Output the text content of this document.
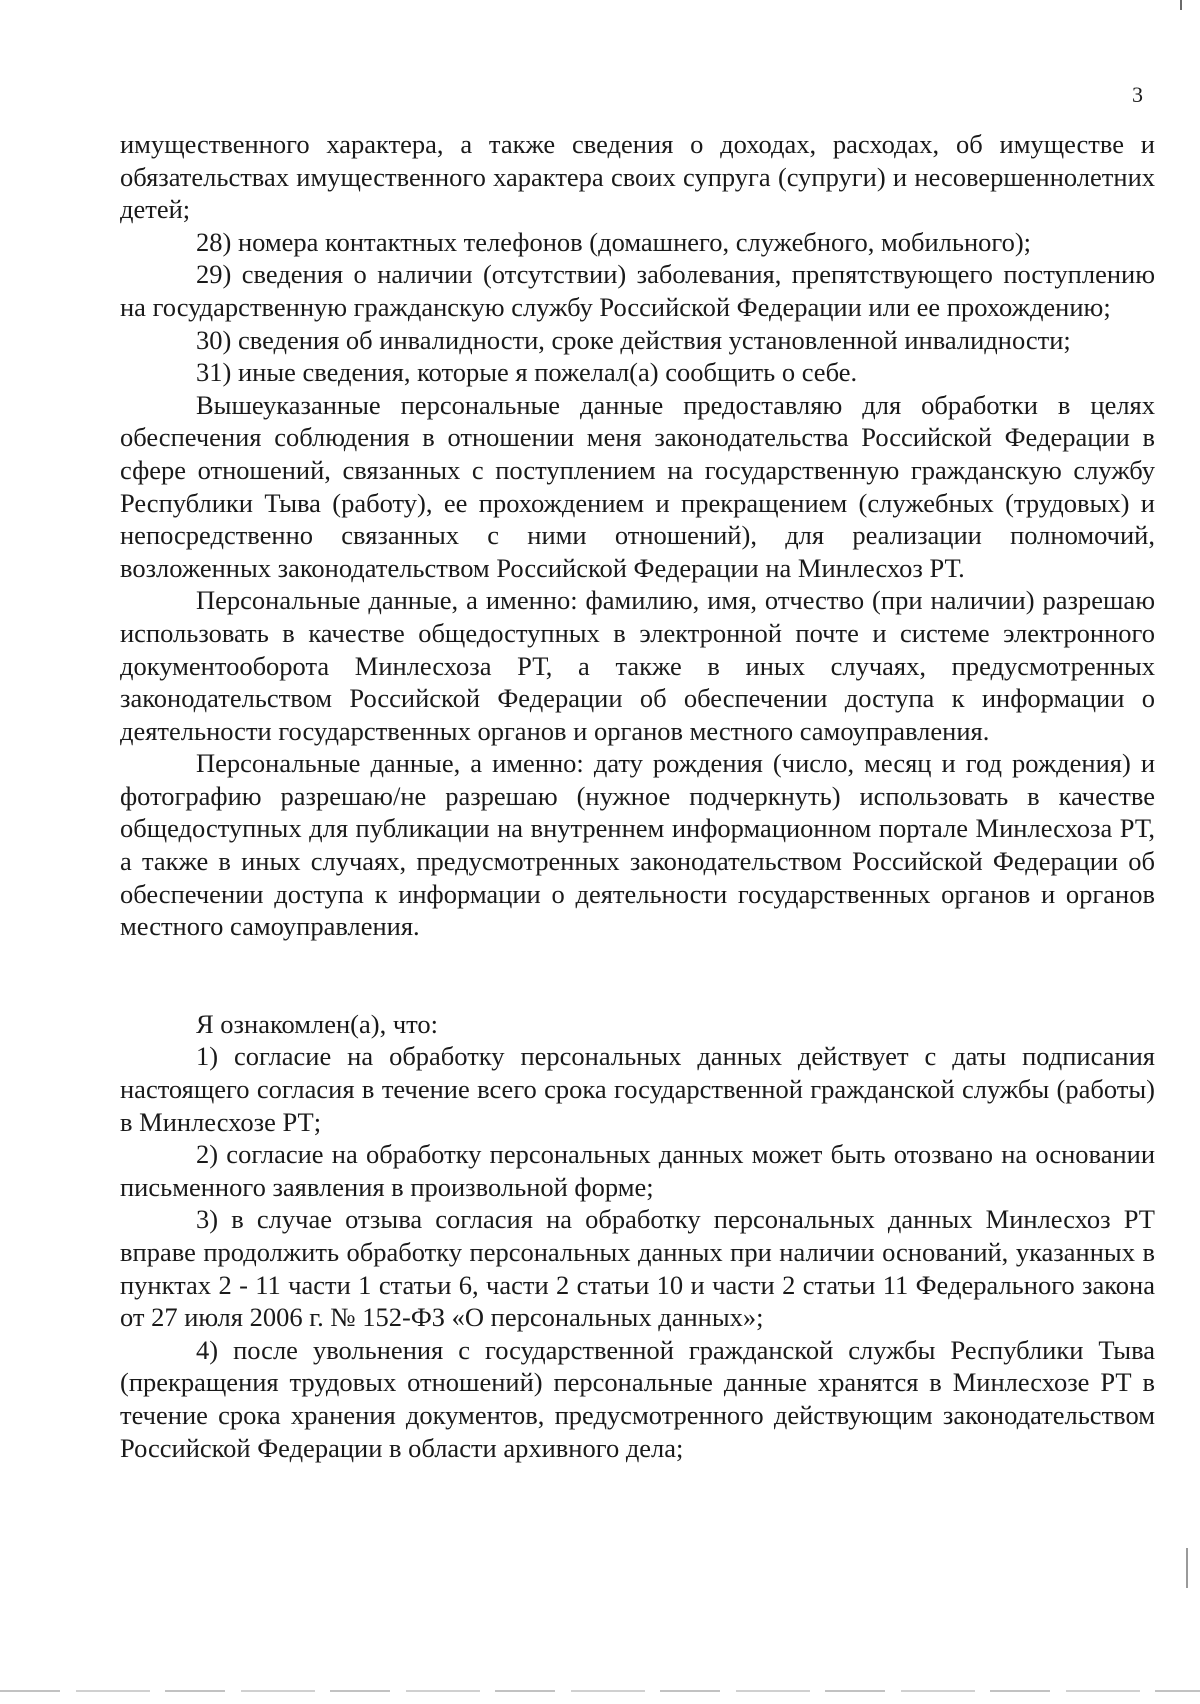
3

имущественного характера, а также сведения о доходах, расходах, об имуществе и обязательствах имущественного характера своих супруга (супруги) и несовершеннолетних детей;

28) номера контактных телефонов (домашнего, служебного, мобильного);

29) сведения о наличии (отсутствии) заболевания, препятствующего поступлению на государственную гражданскую службу Российской Федерации или ее прохождению;

30) сведения об инвалидности, сроке действия установленной инвалидности;

31) иные сведения, которые я пожелал(а) сообщить о себе.

Вышеуказанные персональные данные предоставляю для обработки в целях обеспечения соблюдения в отношении меня законодательства Российской Федерации в сфере отношений, связанных с поступлением на государственную гражданскую службу Республики Тыва (работу), ее прохождением и прекращением (служебных (трудовых) и непосредственно связанных с ними отношений), для реализации полномочий, возложенных законодательством Российской Федерации на Минлесхоз РТ.

Персональные данные, а именно: фамилию, имя, отчество (при наличии) разрешаю использовать в качестве общедоступных в электронной почте и системе электронного документооборота Минлесхоза РТ, а также в иных случаях, предусмотренных законодательством Российской Федерации об обеспечении доступа к информации о деятельности государственных органов и органов местного самоуправления.

Персональные данные, а именно: дату рождения (число, месяц и год рождения) и фотографию разрешаю/не разрешаю (нужное подчеркнуть) использовать в качестве общедоступных для публикации на внутреннем информационном портале Минлесхоза РТ, а также в иных случаях, предусмотренных законодательством Российской Федерации об обеспечении доступа к информации о деятельности государственных органов и органов местного самоуправления.

Я ознакомлен(а), что:

1) согласие на обработку персональных данных действует с даты подписания настоящего согласия в течение всего срока государственной гражданской службы (работы) в Минлесхозе РТ;

2) согласие на обработку персональных данных может быть отозвано на основании письменного заявления в произвольной форме;

3) в случае отзыва согласия на обработку персональных данных Минлесхоз РТ вправе продолжить обработку персональных данных при наличии оснований, указанных в пунктах 2 - 11 части 1 статьи 6, части 2 статьи 10 и части 2 статьи 11 Федерального закона от 27 июля 2006 г. № 152-ФЗ «О персональных данных»;

4) после увольнения с государственной гражданской службы Республики Тыва (прекращения трудовых отношений) персональные данные хранятся в Минлесхозе РТ в течение срока хранения документов, предусмотренного действующим законодательством Российской Федерации в области архивного дела;
